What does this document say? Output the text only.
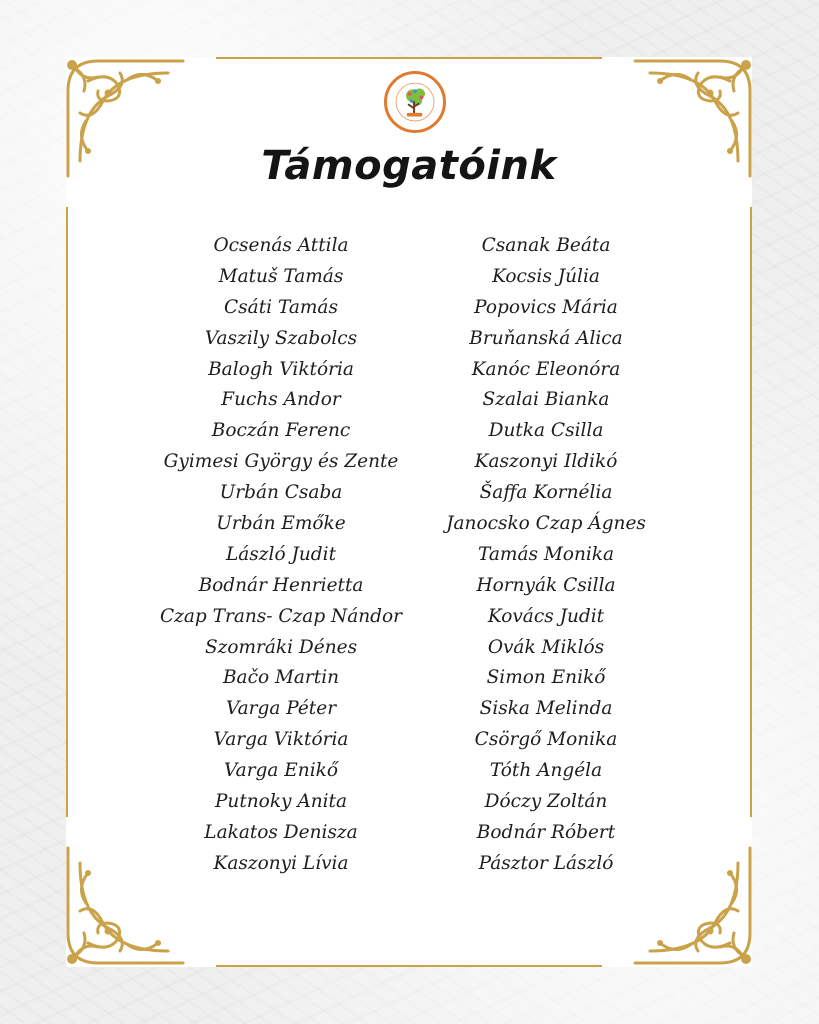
Támogatóink
Ocsenás Attila
Matuš Tamás
Csáti Tamás
Vaszily Szabolcs
Balogh Viktória
Fuchs Andor
Boczán Ferenc
Gyimesi György és Zente
Urbán Csaba
Urbán Emőke
László Judit
Bodnár Henrietta
Czap Trans- Czap Nándor
Szomráki Dénes
Bačo Martin
Varga Péter
Varga Viktória
Varga Enikő
Putnoky Anita
Lakatos Denisza
Kaszonyi Lívia
Csanak Beáta
Kocsis Júlia
Popovics Mária
Bruňanská Alica
Kanóc Eleonóra
Szalai Bianka
Dutka Csilla
Kaszonyi Ildikó
Šaffa Kornélia
Janocsko Czap Ágnes
Tamás Monika
Hornyák Csilla
Kovács Judit
Ovák Miklós
Simon Enikő
Siska Melinda
Csörgő Monika
Tóth Angéla
Dóczy Zoltán
Bodnár Róbert
Pásztor László
